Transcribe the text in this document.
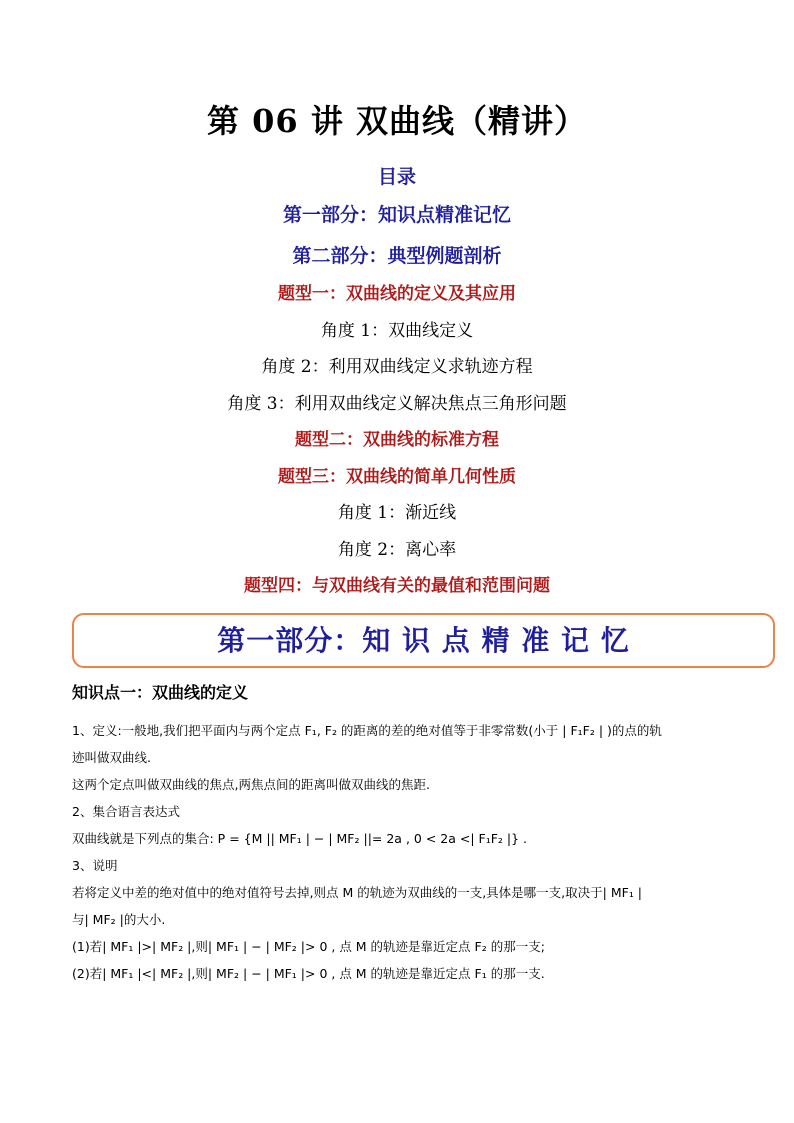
第 06 讲 双曲线（精讲）
目录
第一部分：知识点精准记忆
第二部分：典型例题剖析
题型一：双曲线的定义及其应用
角度 1：双曲线定义
角度 2：利用双曲线定义求轨迹方程
角度 3：利用双曲线定义解决焦点三角形问题
题型二：双曲线的标准方程
题型三：双曲线的简单几何性质
角度 1：渐近线
角度 2：离心率
题型四：与双曲线有关的最值和范围问题
第一部分：知 识 点 精 准 记 忆
知识点一：双曲线的定义
1、定义:一般地,我们把平面内与两个定点 F₁, F₂ 的距离的差的绝对值等于非零常数(小于 | F₁F₂ | )的点的轨
迹叫做双曲线.
这两个定点叫做双曲线的焦点,两焦点间的距离叫做双曲线的焦距.
2、集合语言表达式
双曲线就是下列点的集合: P = {M || MF₁ | − | MF₂ ||= 2a , 0 < 2a <| F₁F₂ |} .
3、说明
若将定义中差的绝对值中的绝对值符号去掉,则点 M 的轨迹为双曲线的一支,具体是哪一支,取决于| MF₁ |
与| MF₂ |的大小.
(1)若| MF₁ |>| MF₂ |,则| MF₁ | − | MF₂ |> 0 , 点 M 的轨迹是靠近定点 F₂ 的那一支;
(2)若| MF₁ |<| MF₂ |,则| MF₂ | − | MF₁ |> 0 , 点 M 的轨迹是靠近定点 F₁ 的那一支.
